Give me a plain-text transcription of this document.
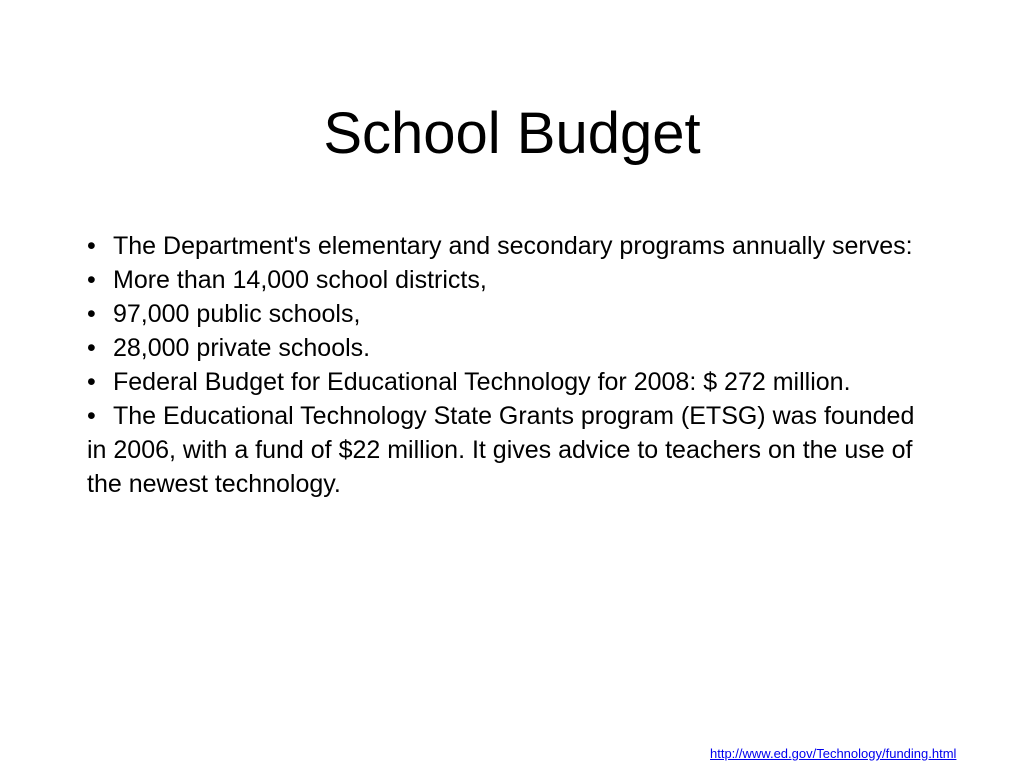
School Budget
• The Department's elementary and secondary programs annually serves:
• More than 14,000 school districts,
• 97,000 public schools,
• 28,000 private schools.
• Federal Budget for Educational Technology for 2008: $ 272 million.
• The Educational Technology State Grants program (ETSG) was founded in 2006, with a fund of $22 million. It gives advice to teachers on the use of the newest technology.
http://www.ed.gov/Technology/funding.html
